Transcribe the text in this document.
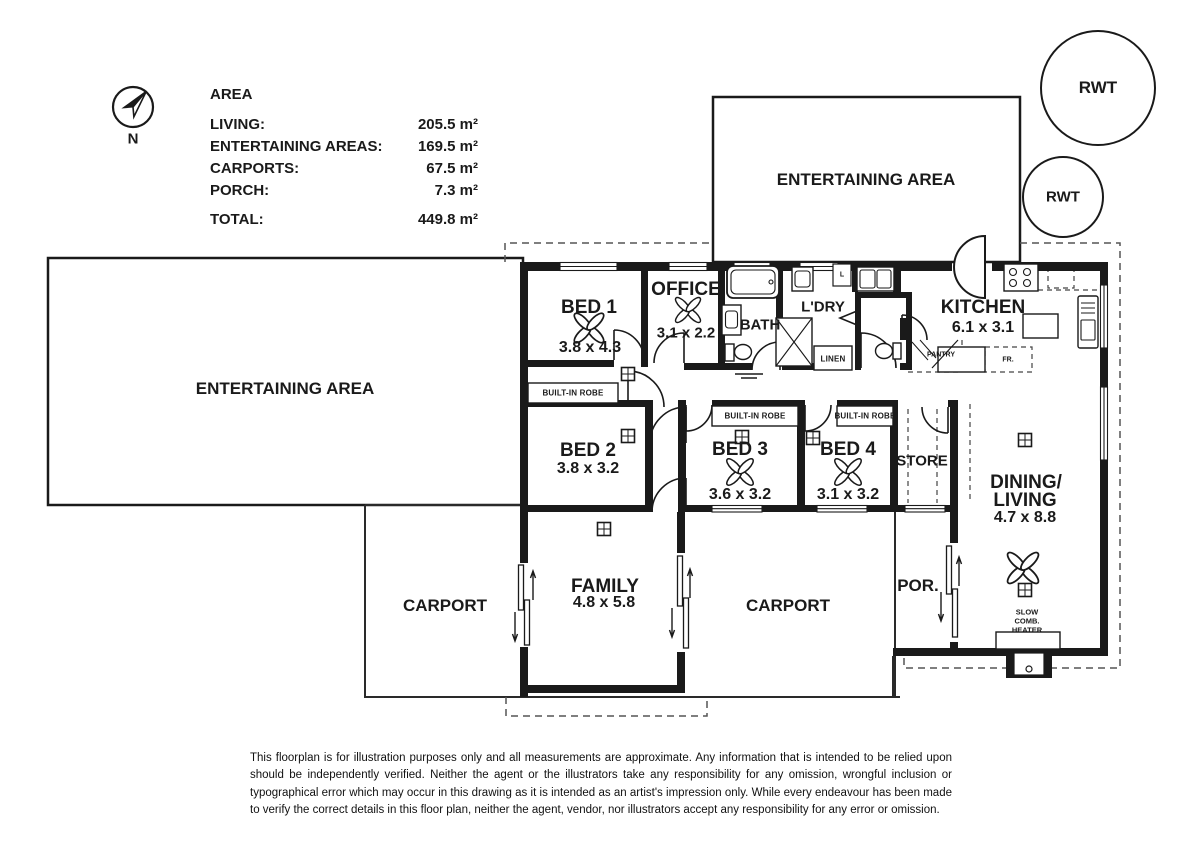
AREA
LIVING:	205.5 m²
ENTERTAINING AREAS: 169.5 m²
CARPORTS:	67.5 m²
PORCH:	7.3 m²
TOTAL:	449.8 m²
N
RWT
RWT
ENTERTAINING AREA
ENTERTAINING AREA
BED 1
3.8 x 4.3
OFFICE
3.1 x 2.2 BATH
L'DRY	KITCHEN
6.1 x 3.1
BED 2
3.8 x 3.2
BED 3
3.6 x 3.2
BED 4
3.1 x 3.2
STORE
DINING/
LIVING
4.7 x 8.8
FAMILY
4.8 x 5.8
CARPORT	CARPORT
POR.
BUILT-IN ROBE
BUILT-IN ROBE	BUILT-IN ROBE
LINEN	PANTRY
FR.
L
SLOW
COMB.
HEATER
This floorplan is for illustration purposes only and all measurements are approximate. Any information that is intended to be relied upon should be independently verified. Neither the agent or the illustrators take any responsibility for any omission, wrongful inclusion or typographical error which may occur in this drawing as it is intended as an artist's impression only. While every endeavour has been made to verify the correct details in this floor plan, neither the agent, vendor, nor illustrators accept any responsibility for any error or omission.
